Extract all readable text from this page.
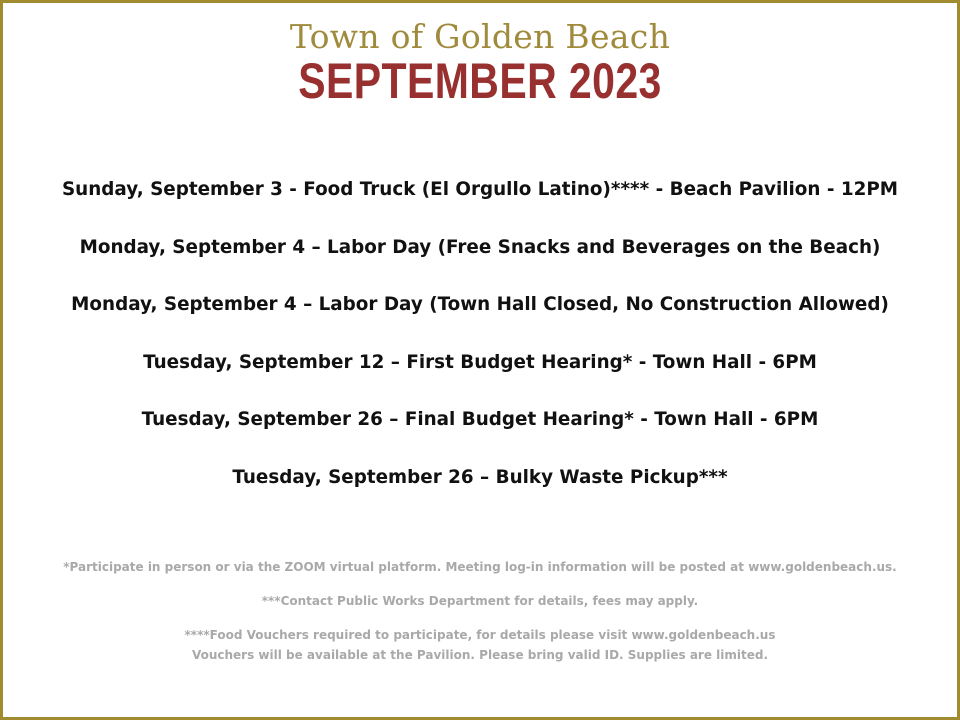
Town of Golden Beach
SEPTEMBER 2023
Sunday, September 3 - Food Truck (El Orgullo Latino)**** - Beach Pavilion - 12PM
Monday, September 4 – Labor Day (Free Snacks and Beverages on the Beach)
Monday, September 4 – Labor Day (Town Hall Closed, No Construction Allowed)
Tuesday, September 12 – First Budget Hearing* - Town Hall - 6PM
Tuesday, September 26 – Final Budget Hearing* - Town Hall - 6PM
Tuesday, September 26 – Bulky Waste Pickup***
*Participate in person or via the ZOOM virtual platform. Meeting log-in information will be posted at www.goldenbeach.us.
***Contact Public Works Department for details, fees may apply.
****Food Vouchers required to participate, for details please visit www.goldenbeach.us
Vouchers will be available at the Pavilion. Please bring valid ID. Supplies are limited.
